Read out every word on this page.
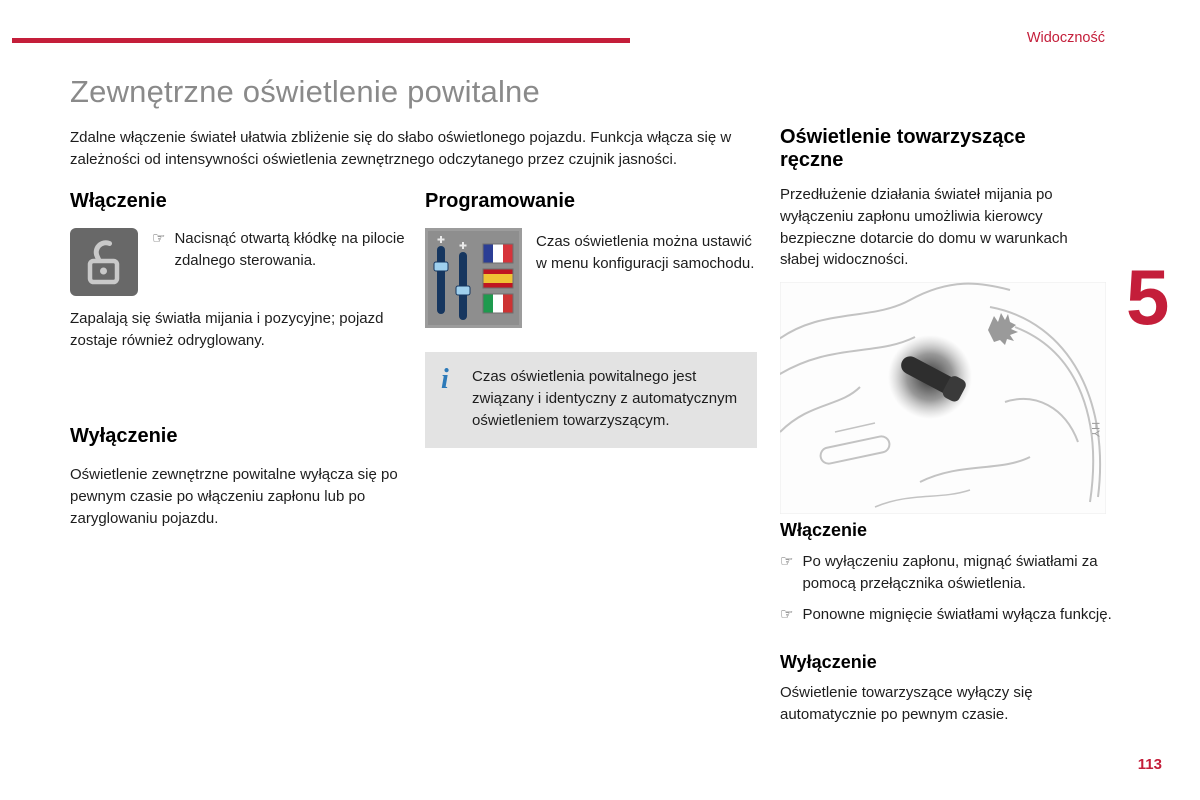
Widoczność
Zewnętrzne oświetlenie powitalne

Zdalne włączenie świateł ułatwia zbliżenie się do słabo oświetlonego pojazdu. Funkcja włącza się w zależności od intensywności oświetlenia zewnętrznego odczytanego przez czujnik jasności.

Włączenie
☞ Nacisnąć otwartą kłódkę na pilocie zdalnego sterowania.

Zapalają się światła mijania i pozycyjne; pojazd zostaje również odryglowany.

Wyłączenie

Oświetlenie zewnętrzne powitalne wyłącza się po pewnym czasie po włączeniu zapłonu lub po zaryglowaniu pojazdu.

Programowanie

Czas oświetlenia można ustawić w menu konfiguracji samochodu.

i Czas oświetlenia powitalnego jest związany i identyczny z automatycznym oświetleniem towarzyszącym.
Oświetlenie towarzyszące ręczne

Przedłużenie działania świateł mijania po wyłączeniu zapłonu umożliwia kierowcy bezpieczne dotarcie do domu w warunkach słabej widoczności.

HY
Włączenie
☞ Po wyłączeniu zapłonu, mignąć światłami za pomocą przełącznika oświetlenia.
☞ Ponowne mignięcie światłami wyłącza funkcję.
Wyłączenie

Oświetlenie towarzyszące wyłączy się automatycznie po pewnym czasie.

5
113
